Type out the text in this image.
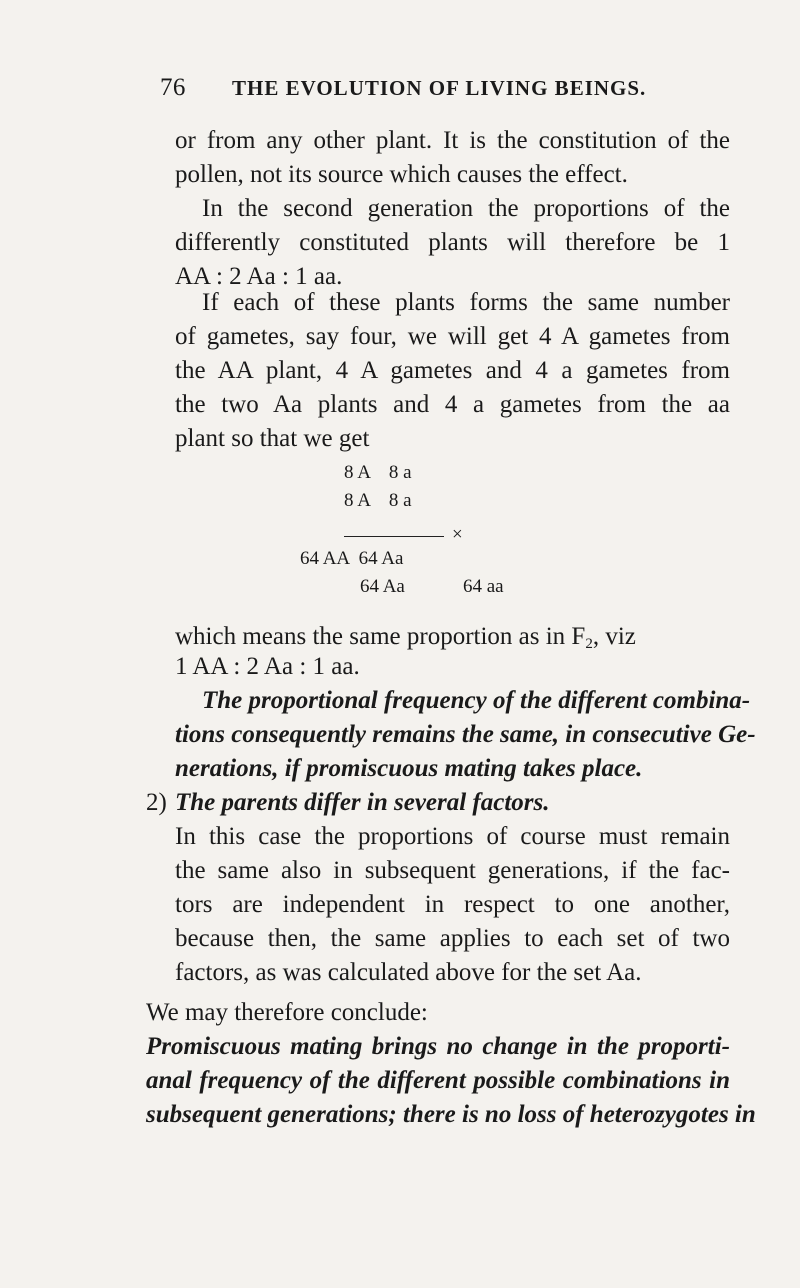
76 THE EVOLUTION OF LIVING BEINGS.
or from any other plant. It is the constitution of the
pollen, not its source which causes the effect.
In the second generation the proportions of the
differently constituted plants will therefore be 1
AA : 2 Aa : 1 aa.
If each of these plants forms the same number
of gametes, say four, we will get 4 A gametes from
the AA plant, 4 A gametes and 4 a gametes from
the two Aa plants and 4 a gametes from the aa
plant so that we get
8 A    8 a
8 A    8 a
×
64 AA  64 Aa
64 Aa	64 aa
which means the same proportion as in $F_2$, viz
1 AA : 2 Aa : 1 aa.
The proportional frequency of the different combina-
tions consequently remains the same, in consecutive Ge-
nerations, if promiscuous mating takes place.
2) The parents differ in several factors.
In this case the proportions of course must remain
the same also in subsequent generations, if the fac-
tors are independent in respect to one another,
because then, the same applies to each set of two
factors, as was calculated above for the set Aa.
We may therefore conclude:
Promiscuous mating brings no change in the proporti-
anal frequency of the different possible combinations in
subsequent generations; there is no loss of heterozygotes in
